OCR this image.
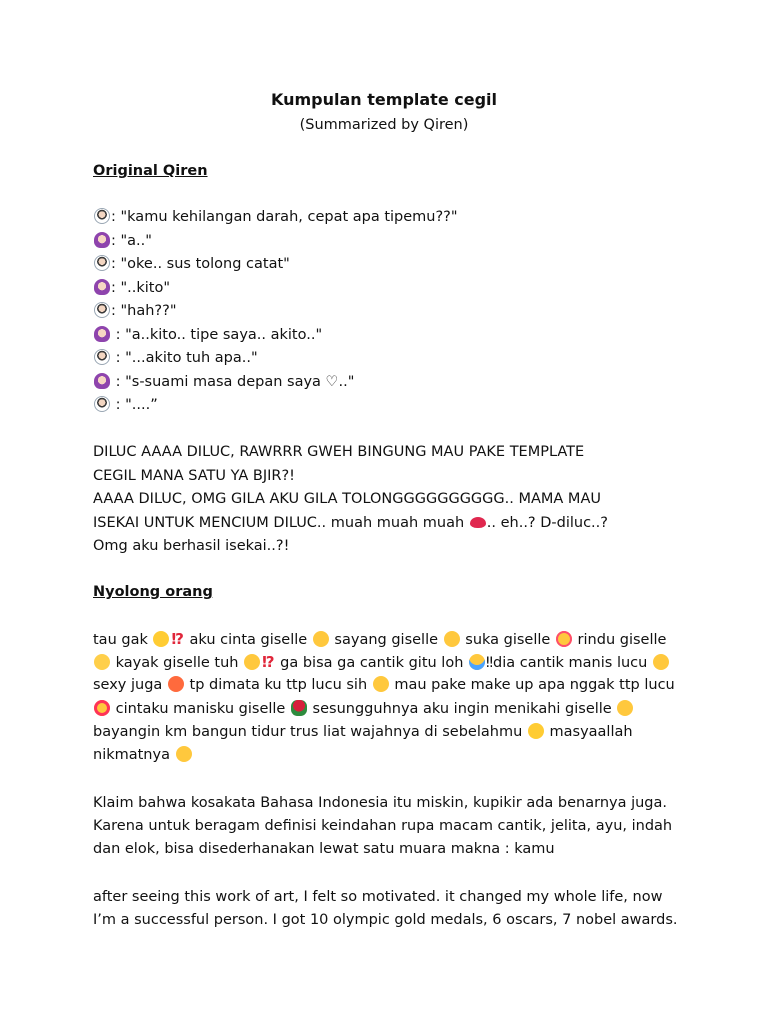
Kumpulan template cegil
(Summarized by Qiren)
Original Qiren
: "kamu kehilangan darah, cepat apa tipemu??"
: "a.."
: "oke.. sus tolong catat"
: "..kito"
: "hah??"
: "a..kito.. tipe saya.. akito.."
: "...akito tuh apa.."
: "s-suami masa depan saya ♡.."
: "....”
DILUC AAAA DILUC, RAWRRR GWEH BINGUNG MAU PAKE TEMPLATE
CEGIL MANA SATU YA BJIR?!
AAAA DILUC, OMG GILA AKU GILA TOLONGGGGGGGGGG.. MAMA MAU
ISEKAI UNTUK MENCIUM DILUC.. muah muah muah .. eh..? D-diluc..?
Omg aku berhasil isekai..?!
Nyolong orang
tau gak ⁉ aku cinta giselle  sayang giselle  suka giselle  rindu giselle
kayak giselle tuh ⁉ ga bisa ga cantik gitu loh ‼dia cantik manis lucu
sexy juga  tp dimata ku ttp lucu sih  mau pake make up apa nggak ttp lucu
cintaku manisku giselle  sesungguhnya aku ingin menikahi giselle
bayangin km bangun tidur trus liat wajahnya di sebelahmu  masyaallah
nikmatnya
Klaim bahwa kosakata Bahasa Indonesia itu miskin, kupikir ada benarnya juga.
Karena untuk beragam definisi keindahan rupa macam cantik, jelita, ayu, indah
dan elok, bisa disederhanakan lewat satu muara makna : kamu
after seeing this work of art, I felt so motivated. it changed my whole life, now
I’m a successful person. I got 10 olympic gold medals, 6 oscars, 7 nobel awards.
